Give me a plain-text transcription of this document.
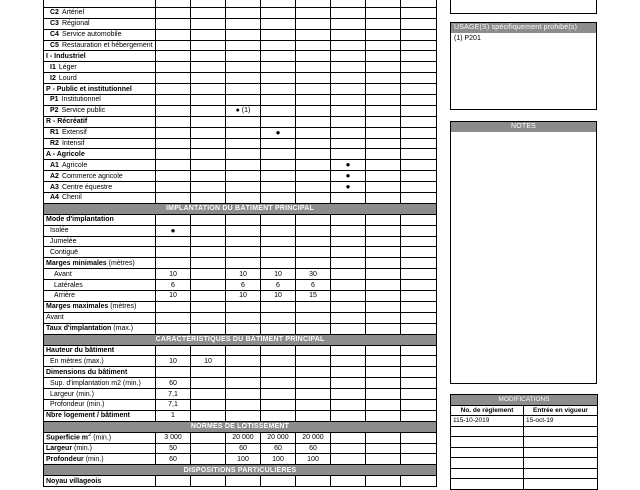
C2 Artériel								
C3 Régional								
C4 Service automobile								
C5 Restauration et hébergement								
I - Industriel								
I1 Léger								
I2 Lourd								
P - Public et institutionnel								
P1 Institutionnel								
P2 Service public			● (1)					
R - Récréatif								
R1 Extensif				●				
R2 Intensif								
A - Agricole								
A1 Agricole						●		
A2 Commerce agricole						●		
A3 Centre équestre						●		
A4 Chenil								
IMPLANTATION DU BÂTIMENT PRINCIPAL								
Mode d'implantation								
Isolée	●							
Jumelée								
Contiguë								
Marges minimales (mètres)								
Avant	10		10	10	30			
Latérales	6		6	6	6			
Arrière	10		10	10	15			
Marges maximales (mètres)								
Avant								
Taux d'implantation (max.)								
CARACTÉRISTIQUES DU BÂTIMENT PRINCIPAL								
Hauteur du bâtiment								
En mètres (max.)	10	10						
Dimensions du bâtiment								
Sup. d'implantation m2 (min.)	60							
Largeur (min.)	7,1							
Profondeur (min.)	7,1							
Nbre logement / bâtiment	1							
NORMES DE LOTISSEMENT								
Superficie $m^2$ (min.)	3 000		20 000	20 000	20 000			
Largeur (min.)	50		60	60	60			
Profondeur (min.)	60		100	100	100			
DISPOSITIONS PARTICULIÈRES								
Noyau villageois								
USAGE(S) spécifiquement prohibé(s)
(1) P201
NOTES
MODIFICATIONS	
No. de règlement	Entrée en vigueur
115-10-2019	15-oct-19
